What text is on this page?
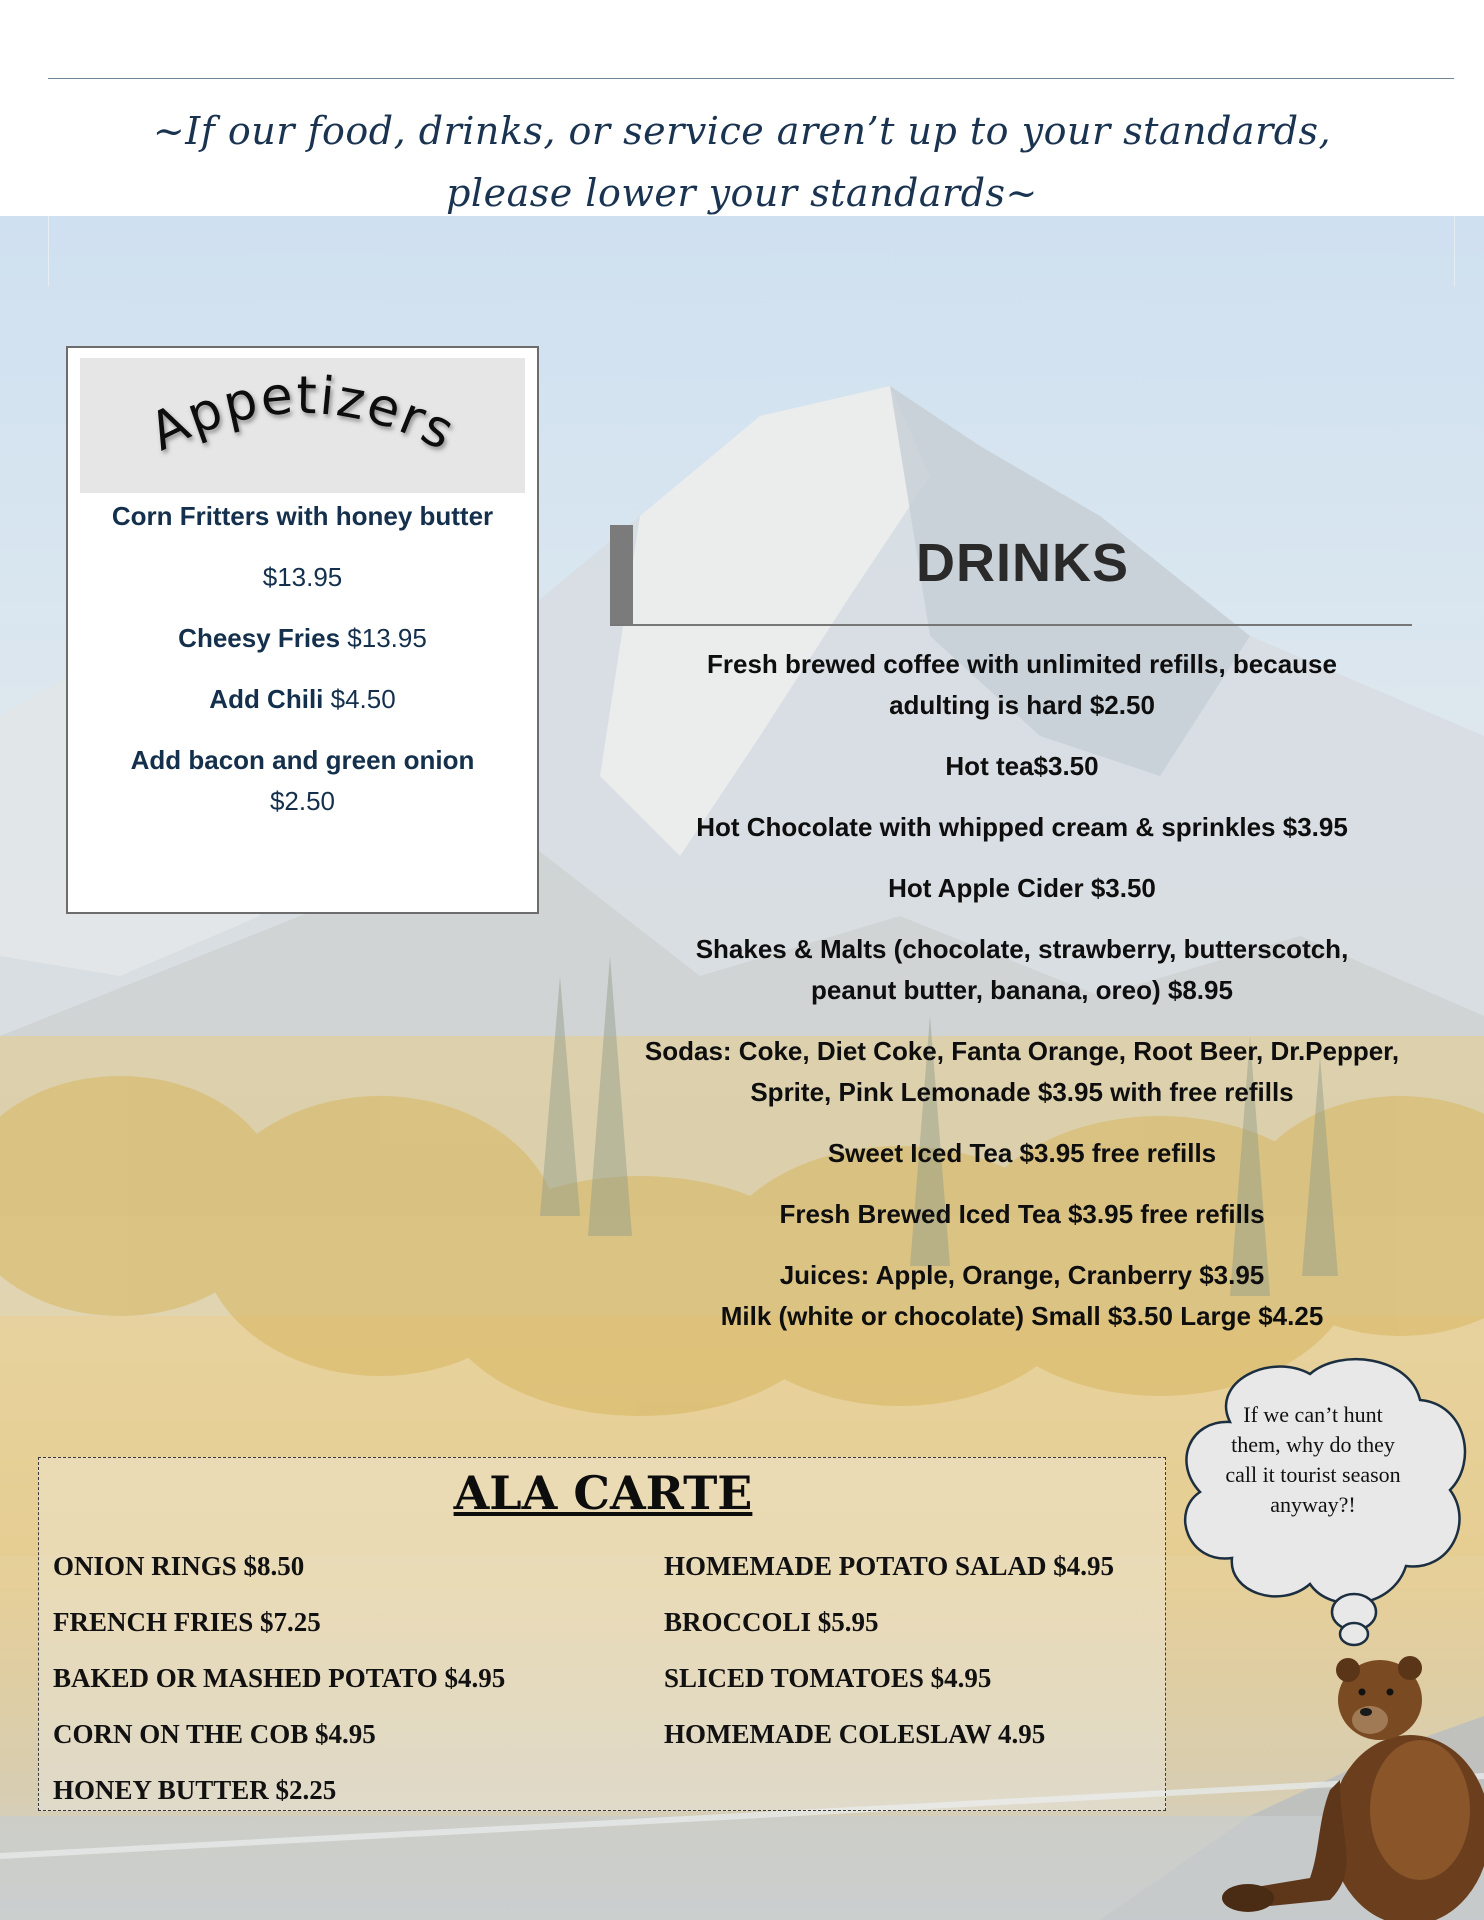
~If our food, drinks, or service aren’t up to your standards,
please lower your standards~
Appetizers
Corn Fritters with honey butter
$13.95
Cheesy Fries $13.95
Add Chili $4.50
Add bacon and green onion
$2.50
DRINKS
Fresh brewed coffee with unlimited refills, because adulting is hard $2.50
Hot tea$3.50
Hot Chocolate with whipped cream & sprinkles $3.95
Hot Apple Cider $3.50
Shakes & Malts (chocolate, strawberry, butterscotch, peanut butter, banana, oreo) $8.95
Sodas: Coke, Diet Coke, Fanta Orange, Root Beer, Dr.Pepper, Sprite, Pink Lemonade $3.95 with free refills
Sweet Iced Tea $3.95 free refills
Fresh Brewed Iced Tea $3.95 free refills
Juices: Apple, Orange, Cranberry $3.95
Milk (white or chocolate) Small $3.50 Large $4.25
ALA CARTE
ONION RINGS $8.50
FRENCH FRIES $7.25
BAKED OR MASHED POTATO $4.95
CORN ON THE COB $4.95
HONEY BUTTER $2.25
HOMEMADE POTATO SALAD $4.95
BROCCOLI $5.95
SLICED TOMATOES $4.95
HOMEMADE COLESLAW 4.95
If we can’t hunt them, why do they call it tourist season anyway?!
